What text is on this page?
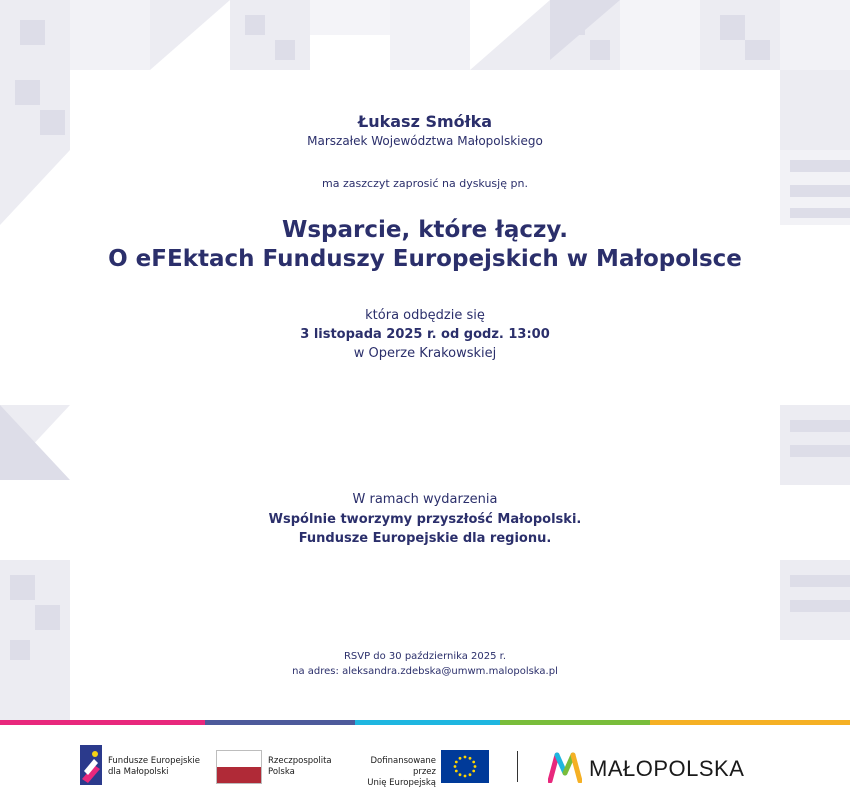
Łukasz Smółka
Marszałek Województwa Małopolskiego
ma zaszczyt zaprosić na dyskusję pn.
Wsparcie, które łączy.
O eFEktach Funduszy Europejskich w Małopolsce
która odbędzie się
3 listopada 2025 r. od godz. 13:00
w Operze Krakowskiej
W ramach wydarzenia
Wspólnie tworzymy przyszłość Małopolski.
Fundusze Europejskie dla regionu.
RSVP do 30 października 2025 r.
na adres: aleksandra.zdebska@umwm.malopolska.pl
Fundusze Europejskie
dla Małopolski
Rzeczpospolita
Polska
Dofinansowane przez
Unię Europejską
MAŁOPOLSKA
